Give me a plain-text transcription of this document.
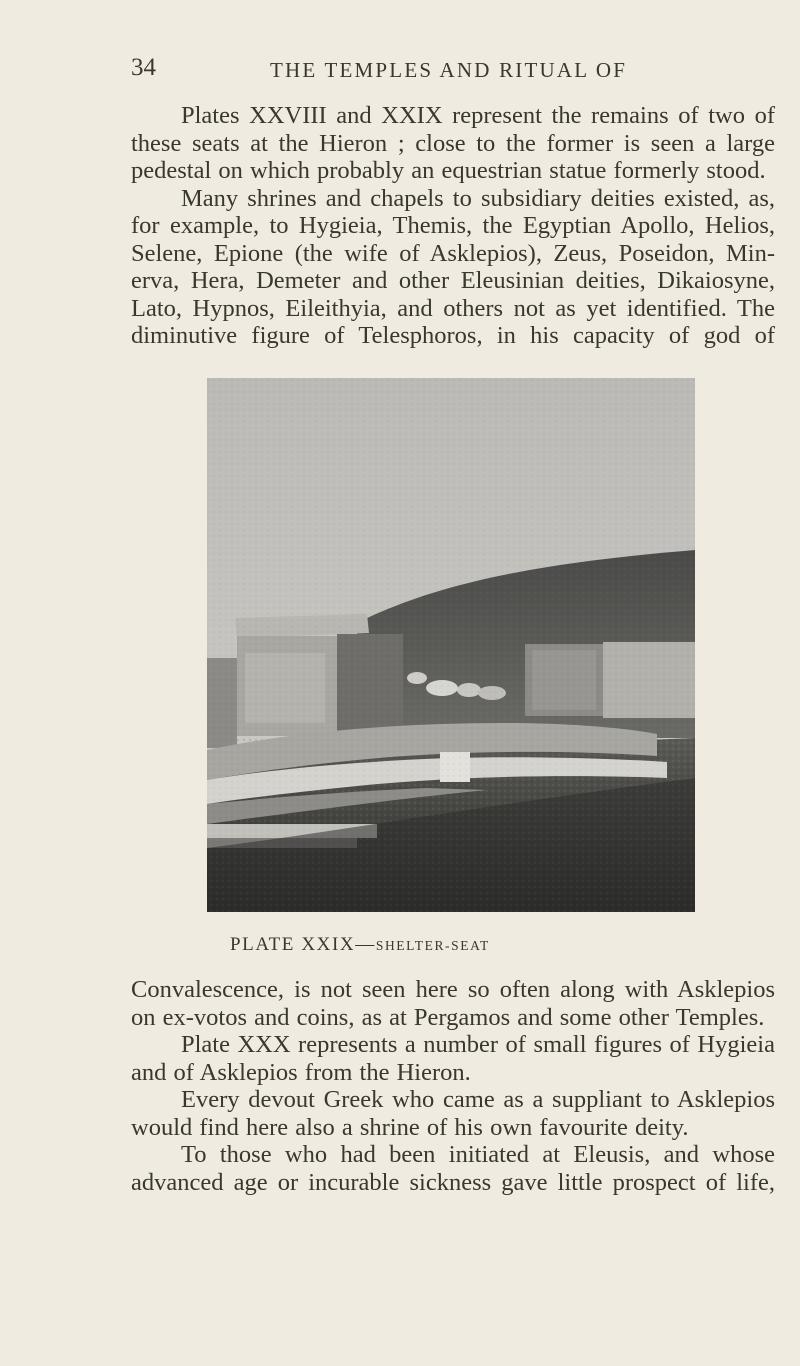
34	THE TEMPLES AND RITUAL OF

Plates XXVIII and XXIX represent the remains of two of these seats at the Hieron ; close to the former is seen a large pedestal on which probably an equestrian statue formerly stood.

Many shrines and chapels to subsidiary deities existed, as, for example, to Hygieia, Themis, the Egyptian Apollo, Helios, Selene, Epione (the wife of Asklepios), Zeus, Poseidon, Min-erva, Hera, Demeter and other Eleusinian deities, Dikaiosyne, Lato, Hypnos, Eileithyia, and others not as yet identified. The diminutive figure of Telesphoros, in his capacity of god of

PLATE XXIX—SHELTER-SEAT

Convalescence, is not seen here so often along with Asklepios on ex-votos and coins, as at Pergamos and some other Temples.

Plate XXX represents a number of small figures of Hygieia and of Asklepios from the Hieron.

Every devout Greek who came as a suppliant to Asklepios would find here also a shrine of his own favourite deity.

To those who had been initiated at Eleusis, and whose advanced age or incurable sickness gave little prospect of life,
